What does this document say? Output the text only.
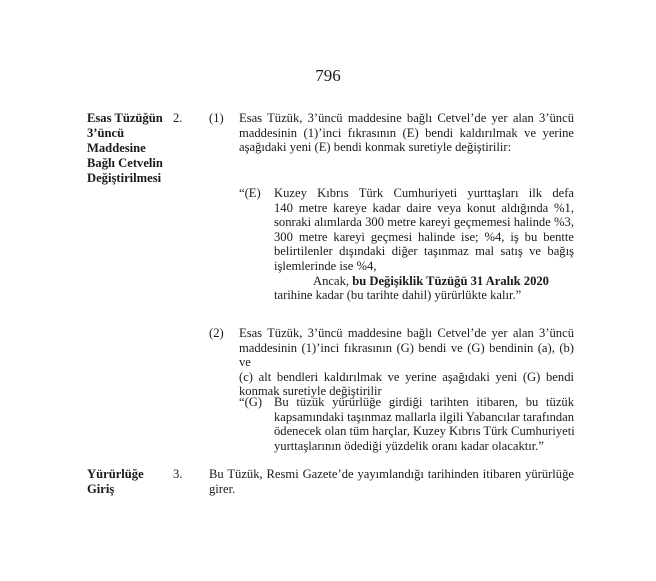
796
Esas Tüzüğün
3’üncü
Maddesine
Bağlı Cetvelin
Değiştirilmesi
2. (1) Esas Tüzük, 3’üncü maddesine bağlı Cetvel’de yer alan 3’üncü
maddesinin (1)’inci fıkrasının (E) bendi kaldırılmak ve yerine
aşağıdaki yeni (E) bendi konmak suretiyle değiştirilir:
“(E) Kuzey Kıbrıs Türk Cumhuriyeti yurttaşları ilk defa
140 metre kareye kadar daire veya konut aldığında %1,
sonraki alımlarda 300 metre kareyi geçmemesi halinde %3,
300 metre kareyi geçmesi halinde ise; %4, iş bu bentte
belirtilenler dışındaki diğer taşınmaz mal satış ve bağış
işlemlerinde ise %4,
Ancak, bu Değişiklik Tüzüğü 31 Aralık 2020
tarihine kadar (bu tarihte dahil) yürürlükte kalır.”
(2) Esas Tüzük, 3’üncü maddesine bağlı Cetvel’de yer alan 3’üncü
maddesinin (1)’inci fıkrasının (G) bendi ve (G) bendinin (a), (b) ve
(c) alt bendleri kaldırılmak ve yerine aşağıdaki yeni (G) bendi
konmak suretiyle değiştirilir
“(G) Bu tüzük yürürlüğe girdiği tarihten itibaren, bu tüzük
kapsamındaki taşınmaz mallarla ilgili Yabancılar tarafından
ödenecek olan tüm harçlar, Kuzey Kıbrıs Türk Cumhuriyeti
yurttaşlarının ödediği yüzdelik oranı kadar olacaktır.”
Yürürlüğe
Giriş
3. Bu Tüzük, Resmi Gazete’de yayımlandığı tarihinden itibaren yürürlüğe
girer.
